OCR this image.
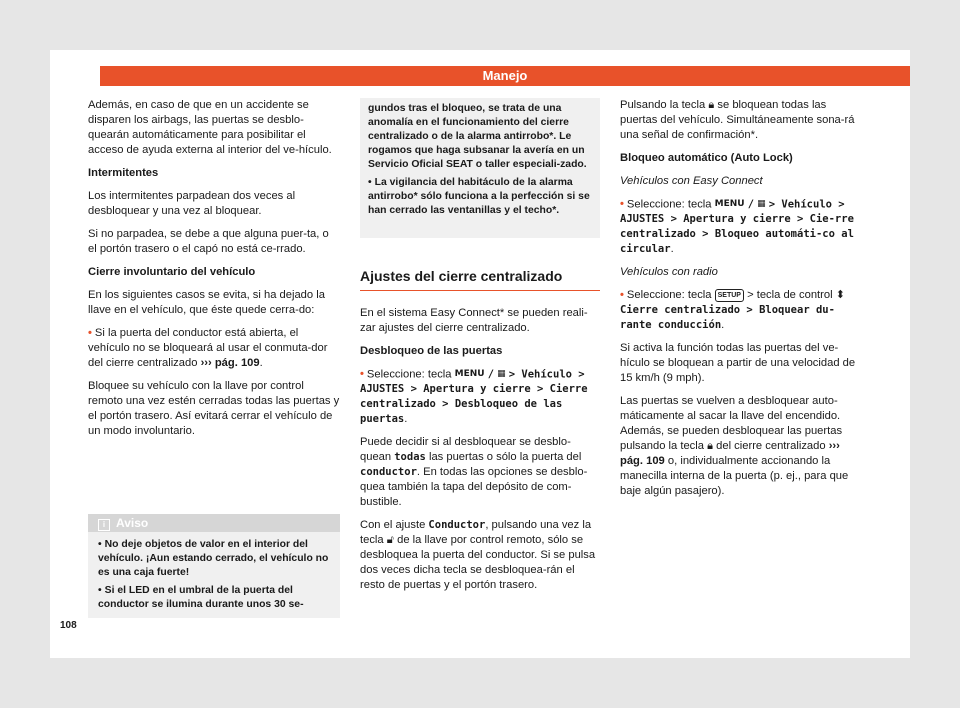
Manejo

Además, en caso de que en un accidente se disparen los airbags, las puertas se desblo-quearán automáticamente para posibilitar el acceso de ayuda externa al interior del ve-hículo.

Intermitentes

Los intermitentes parpadean dos veces al desbloquear y una vez al bloquear.

Si no parpadea, se debe a que alguna puer-ta, o el portón trasero o el capó no está ce-rrado.

Cierre involuntario del vehículo

En los siguientes casos se evita, si ha dejado la llave en el vehículo, que éste quede cerra-do:

• Si la puerta del conductor está abierta, el vehículo no se bloqueará al usar el conmuta-dor del cierre centralizado ››› pág. 109.

Bloquee su vehículo con la llave por control remoto una vez estén cerradas todas las puertas y el portón trasero. Así evitará cerrar el vehículo de un modo involuntario.

i Aviso

• No deje objetos de valor en el interior del vehículo. ¡Aun estando cerrado, el vehículo no es una caja fuerte!

• Si el LED en el umbral de la puerta del conductor se ilumina durante unos 30 se-

gundos tras el bloqueo, se trata de una anomalía en el funcionamiento del cierre centralizado o de la alarma antirrobo*. Le rogamos que haga subsanar la avería en un Servicio Oficial SEAT o taller especiali-zado.

• La vigilancia del habitáculo de la alarma antirrobo* sólo funciona a la perfección si se han cerrado las ventanillas y el techo*.

Ajustes del cierre centralizado

En el sistema Easy Connect* se pueden reali-zar ajustes del cierre centralizado.

Desbloqueo de las puertas

• Seleccione: tecla MENU / ▦ > Vehículo > AJUSTES > Apertura y cierre > Cierre centralizado > Desbloqueo de las puertas.

Puede decidir si al desbloquear se desblo-quean todas las puertas o sólo la puerta del conductor. En todas las opciones se desblo-quea también la tapa del depósito de com-bustible.

Con el ajuste Conductor, pulsando una vez la tecla 🔓︎ de la llave por control remoto, sólo se desbloquea la puerta del conductor. Si se pulsa dos veces dicha tecla se desbloquea-rán el resto de puertas y el portón trasero.

Pulsando la tecla 🔒︎ se bloquean todas las puertas del vehículo. Simultáneamente sona-rá una señal de confirmación*.

Bloqueo automático (Auto Lock)

Vehículos con Easy Connect

• Seleccione: tecla MENU / ▦ > Vehículo > AJUSTES > Apertura y cierre > Cie-rre centralizado > Bloqueo automáti-co al circular.

Vehículos con radio

• Seleccione: tecla SETUP > tecla de control ⬍ Cierre centralizado > Bloquear du-rante conducción.

Si activa la función todas las puertas del ve-hículo se bloquean a partir de una velocidad de 15 km/h (9 mph).

Las puertas se vuelven a desbloquear auto-máticamente al sacar la llave del encendido. Además, se pueden desbloquear las puertas pulsando la tecla 🔒︎ del cierre centralizado ››› pág. 109 o, individualmente accionando la manecilla interna de la puerta (p. ej., para que baje algún pasajero).

108
